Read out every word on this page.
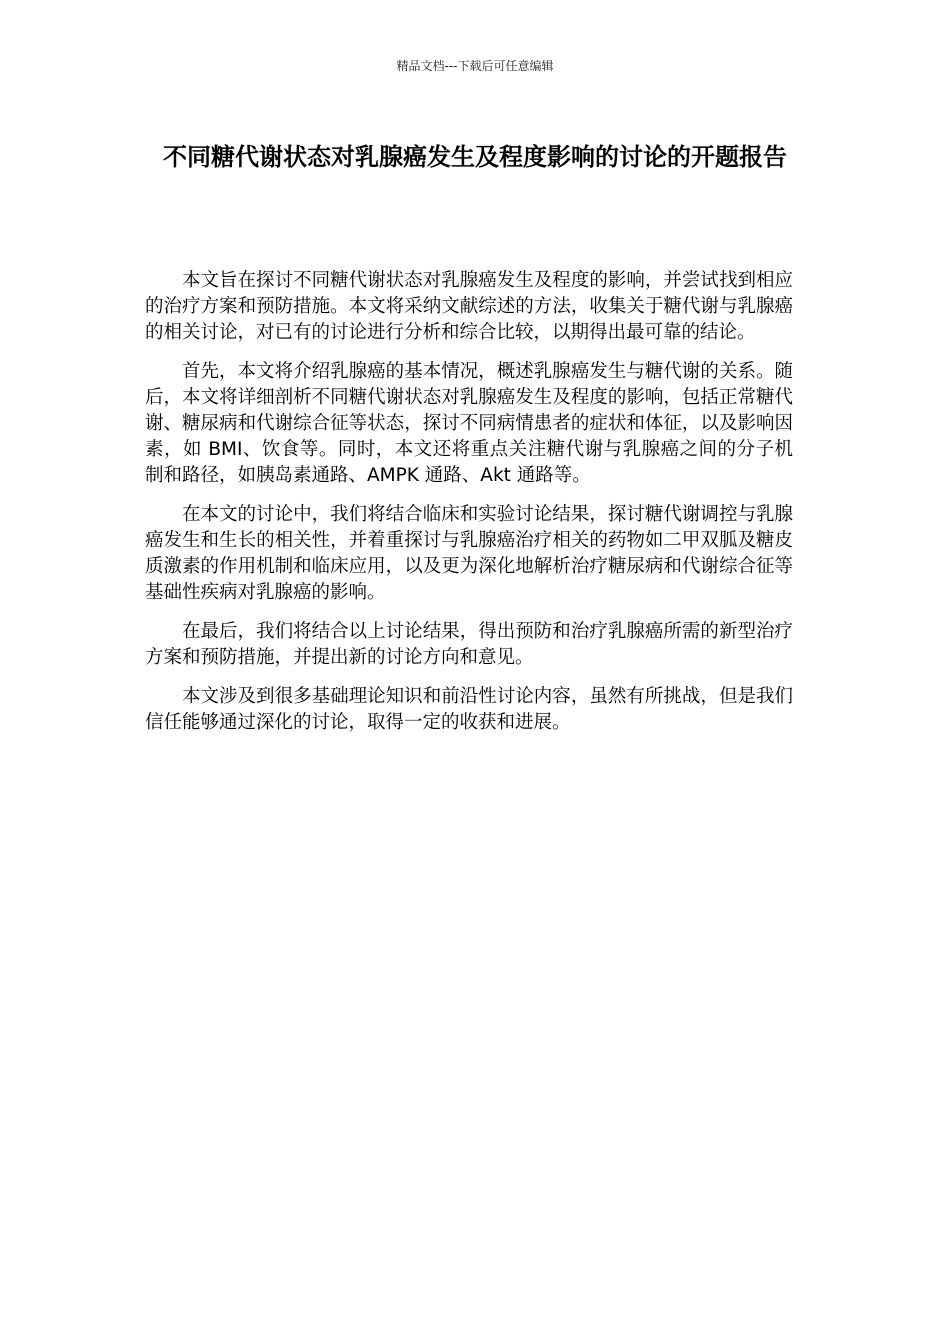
精品文档---下载后可任意编辑
不同糖代谢状态对乳腺癌发生及程度影响的讨论的开题报告

本文旨在探讨不同糖代谢状态对乳腺癌发生及程度的影响，并尝试找到相应的治疗方案和预防措施。本文将采纳文献综述的方法，收集关于糖代谢与乳腺癌的相关讨论，对已有的讨论进行分析和综合比较，以期得出最可靠的结论。

首先，本文将介绍乳腺癌的基本情况，概述乳腺癌发生与糖代谢的关系。随后，本文将详细剖析不同糖代谢状态对乳腺癌发生及程度的影响，包括正常糖代谢、糖尿病和代谢综合征等状态，探讨不同病情患者的症状和体征，以及影响因素，如 BMI、饮食等。同时，本文还将重点关注糖代谢与乳腺癌之间的分子机制和路径，如胰岛素通路、AMPK 通路、Akt 通路等。

在本文的讨论中，我们将结合临床和实验讨论结果，探讨糖代谢调控与乳腺癌发生和生长的相关性，并着重探讨与乳腺癌治疗相关的药物如二甲双胍及糖皮质激素的作用机制和临床应用，以及更为深化地解析治疗糖尿病和代谢综合征等基础性疾病对乳腺癌的影响。

在最后，我们将结合以上讨论结果，得出预防和治疗乳腺癌所需的新型治疗方案和预防措施，并提出新的讨论方向和意见。

本文涉及到很多基础理论知识和前沿性讨论内容，虽然有所挑战，但是我们信任能够通过深化的讨论，取得一定的收获和进展。
